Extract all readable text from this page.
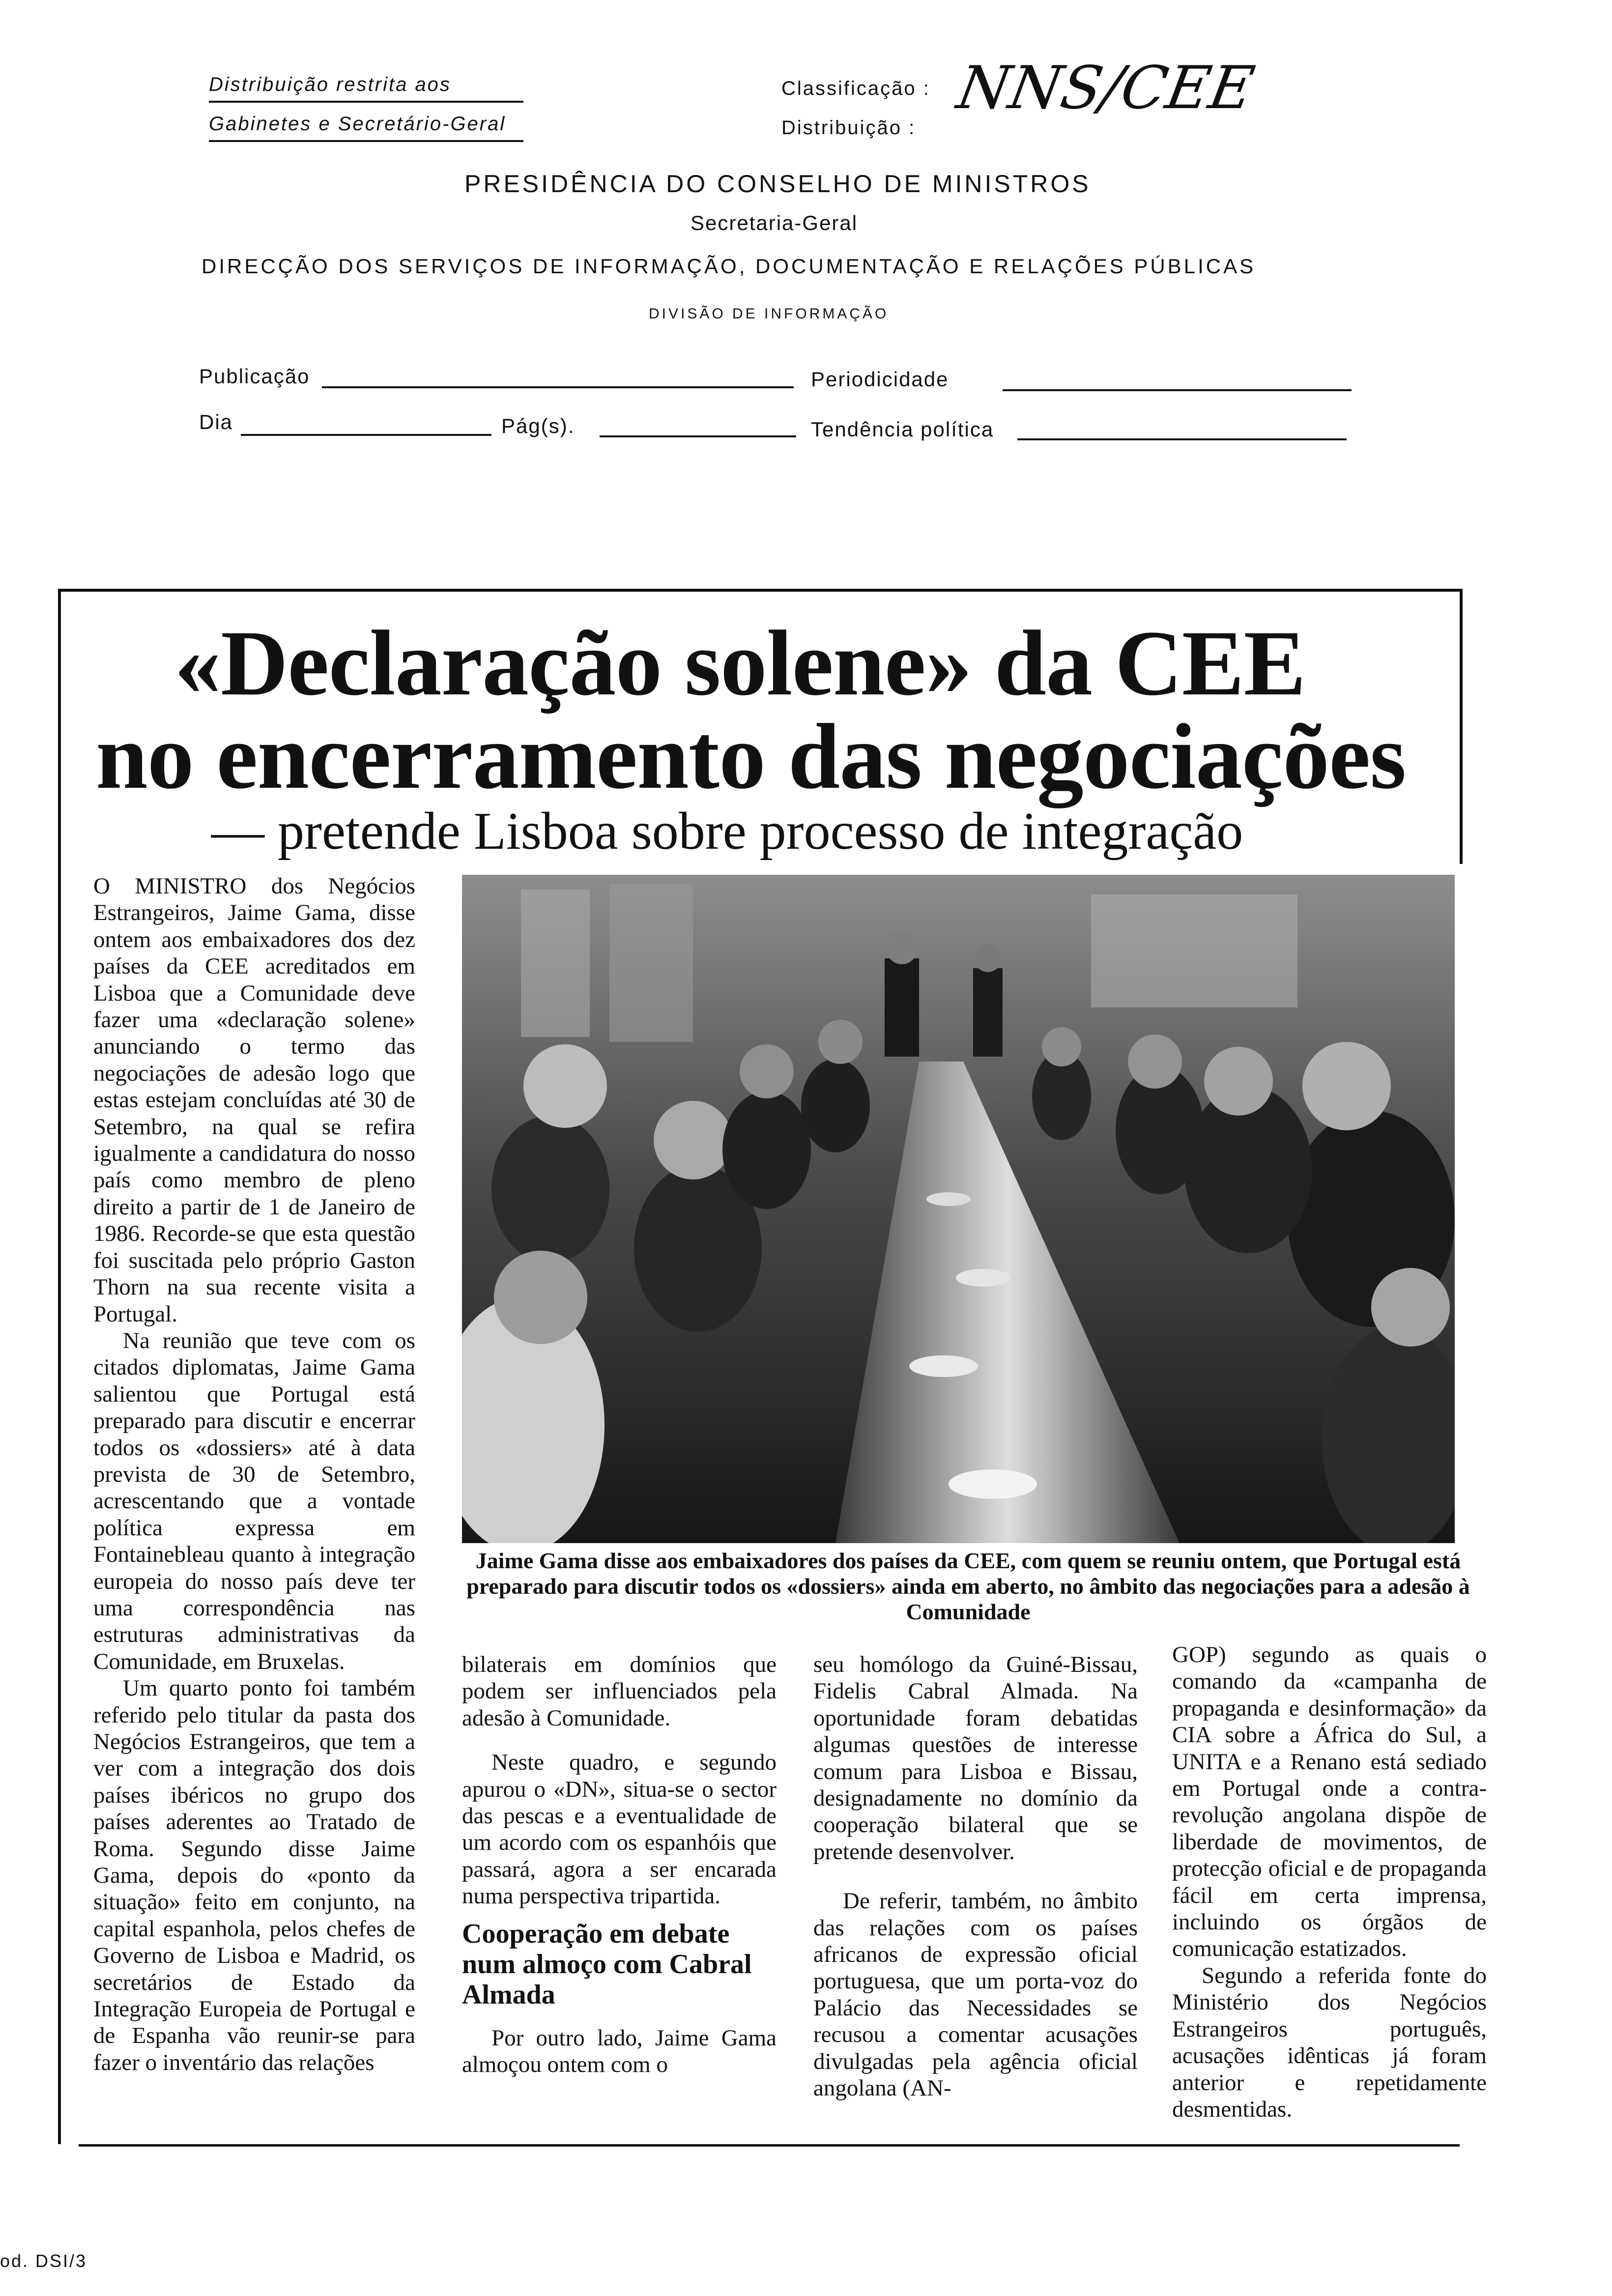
Distribuição restrita aos
Gabinetes e Secretário-Geral
Classificação :
Distribuição :
NNS/CEE
PRESIDÊNCIA DO CONSELHO DE MINISTROS
Secretaria-Geral
DIRECÇÃO DOS SERVIÇOS DE INFORMAÇÃO, DOCUMENTAÇÃO E RELAÇÕES PÚBLICAS
DIVISÃO DE INFORMAÇÃO
Publicação	Periodicidade
Dia	Pág(s).	Tendência política
«Declaração solene» da CEE
no encerramento das negociações
— pretende Lisboa sobre processo de integração

O MINISTRO dos Negócios Estrangeiros, Jaime Gama, disse ontem aos embaixadores dos dez países da CEE acreditados em Lisboa que a Comunidade deve fazer uma «declaração solene» anunciando o termo das negociações de adesão logo que estas estejam concluídas até 30 de Setembro, na qual se refira igualmente a candidatura do nosso país como membro de pleno direito a partir de 1 de Janeiro de 1986. Recorde-se que esta questão foi suscitada pelo próprio Gaston Thorn na sua recente visita a Portugal.

Na reunião que teve com os citados diplomatas, Jaime Gama salientou que Portugal está preparado para discutir e encerrar todos os «dossiers» até à data prevista de 30 de Setembro, acrescentando que a vontade política expressa em Fontainebleau quanto à integração europeia do nosso país deve ter uma correspondência nas estruturas administrativas da Comunidade, em Bruxelas.

Um quarto ponto foi também referido pelo titular da pasta dos Negócios Estrangeiros, que tem a ver com a integração dos dois países ibéricos no grupo dos países aderentes ao Tratado de Roma. Segundo disse Jaime Gama, depois do «ponto da situação» feito em conjunto, na capital espanhola, pelos chefes de Governo de Lisboa e Madrid, os secretários de Estado da Integração Europeia de Portugal e de Espanha vão reunir-se para fazer o inventário das relações

Jaime Gama disse aos embaixadores dos países da CEE, com quem se reuniu ontem, que Portugal está preparado para discutir todos os «dossiers» ainda em aberto, no âmbito das negociações para a adesão à Comunidade

bilaterais em domínios que podem ser influenciados pela adesão à Comunidade.

Neste quadro, e segundo apurou o «DN», situa-se o sector das pescas e a eventualidade de um acordo com os espanhóis que passará, agora a ser encarada numa perspectiva tripartida.

Cooperação em debate num almoço com Cabral Almada

Por outro lado, Jaime Gama almoçou ontem com o

seu homólogo da Guiné-Bissau, Fidelis Cabral Almada. Na oportunidade foram debatidas algumas questões de interesse comum para Lisboa e Bissau, designadamente no domínio da cooperação bilateral que se pretende desenvolver.

De referir, também, no âmbito das relações com os países africanos de expressão oficial portuguesa, que um porta-voz do Palácio das Necessidades se recusou a comentar acusações divulgadas pela agência oficial angolana (AN-

GOP) segundo as quais o comando da «campanha de propaganda e desinformação» da CIA sobre a África do Sul, a UNITA e a Renano está sediado em Portugal onde a contra-revolução angolana dispõe de liberdade de movimentos, de protecção oficial e de propaganda fácil em certa imprensa, incluindo os órgãos de comunicação estatizados.

Segundo a referida fonte do Ministério dos Negócios Estrangeiros português, acusações idênticas já foram anterior e repetidamente desmentidas.

od. DSI/3
